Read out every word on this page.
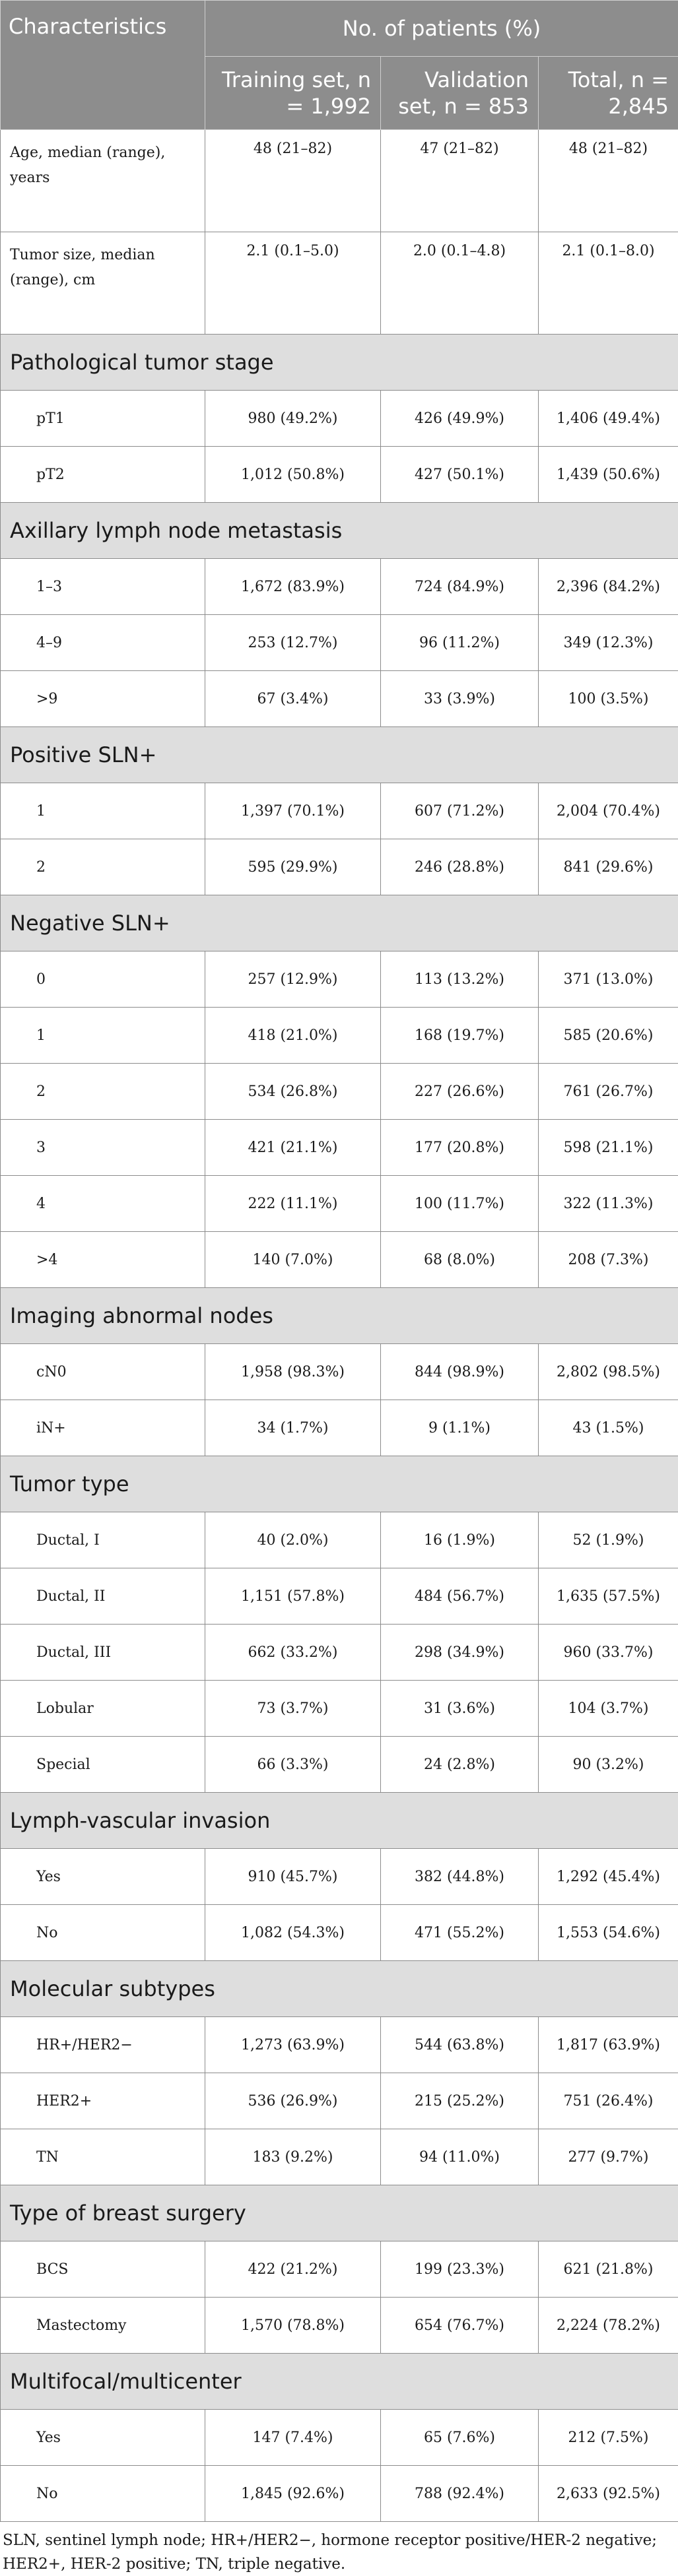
Characteristics	No. of patients (%)		
	Training set, n = 1,992	Validation set, n = 853	Total, n = 2,845
Age, median (range), years	48 (21–82)	47 (21–82)	48 (21–82)
Tumor size, median (range), cm	2.1 (0.1–5.0)	2.0 (0.1–4.8)	2.1 (0.1–8.0)
Pathological tumor stage			
pT1	980 (49.2%)	426 (49.9%)	1,406 (49.4%)
pT2	1,012 (50.8%)	427 (50.1%)	1,439 (50.6%)
Axillary lymph node metastasis			
1–3	1,672 (83.9%)	724 (84.9%)	2,396 (84.2%)
4–9	253 (12.7%)	96 (11.2%)	349 (12.3%)
>9	67 (3.4%)	33 (3.9%)	100 (3.5%)
Positive SLN+			
1	1,397 (70.1%)	607 (71.2%)	2,004 (70.4%)
2	595 (29.9%)	246 (28.8%)	841 (29.6%)
Negative SLN+			
0	257 (12.9%)	113 (13.2%)	371 (13.0%)
1	418 (21.0%)	168 (19.7%)	585 (20.6%)
2	534 (26.8%)	227 (26.6%)	761 (26.7%)
3	421 (21.1%)	177 (20.8%)	598 (21.1%)
4	222 (11.1%)	100 (11.7%)	322 (11.3%)
>4	140 (7.0%)	68 (8.0%)	208 (7.3%)
Imaging abnormal nodes			
cN0	1,958 (98.3%)	844 (98.9%)	2,802 (98.5%)
iN+	34 (1.7%)	9 (1.1%)	43 (1.5%)
Tumor type			
Ductal, I	40 (2.0%)	16 (1.9%)	52 (1.9%)
Ductal, II	1,151 (57.8%)	484 (56.7%)	1,635 (57.5%)
Ductal, III	662 (33.2%)	298 (34.9%)	960 (33.7%)
Lobular	73 (3.7%)	31 (3.6%)	104 (3.7%)
Special	66 (3.3%)	24 (2.8%)	90 (3.2%)
Lymph-vascular invasion			
Yes	910 (45.7%)	382 (44.8%)	1,292 (45.4%)
No	1,082 (54.3%)	471 (55.2%)	1,553 (54.6%)
Molecular subtypes			
HR+/HER2−	1,273 (63.9%)	544 (63.8%)	1,817 (63.9%)
HER2+	536 (26.9%)	215 (25.2%)	751 (26.4%)
TN	183 (9.2%)	94 (11.0%)	277 (9.7%)
Type of breast surgery			
BCS	422 (21.2%)	199 (23.3%)	621 (21.8%)
Mastectomy	1,570 (78.8%)	654 (76.7%)	2,224 (78.2%)
Multifocal/multicenter			
Yes	147 (7.4%)	65 (7.6%)	212 (7.5%)
No	1,845 (92.6%)	788 (92.4%)	2,633 (92.5%)

SLN, sentinel lymph node; HR+/HER2−, hormone receptor positive/HER-2 negative; HER2+, HER-2 positive; TN, triple negative.
